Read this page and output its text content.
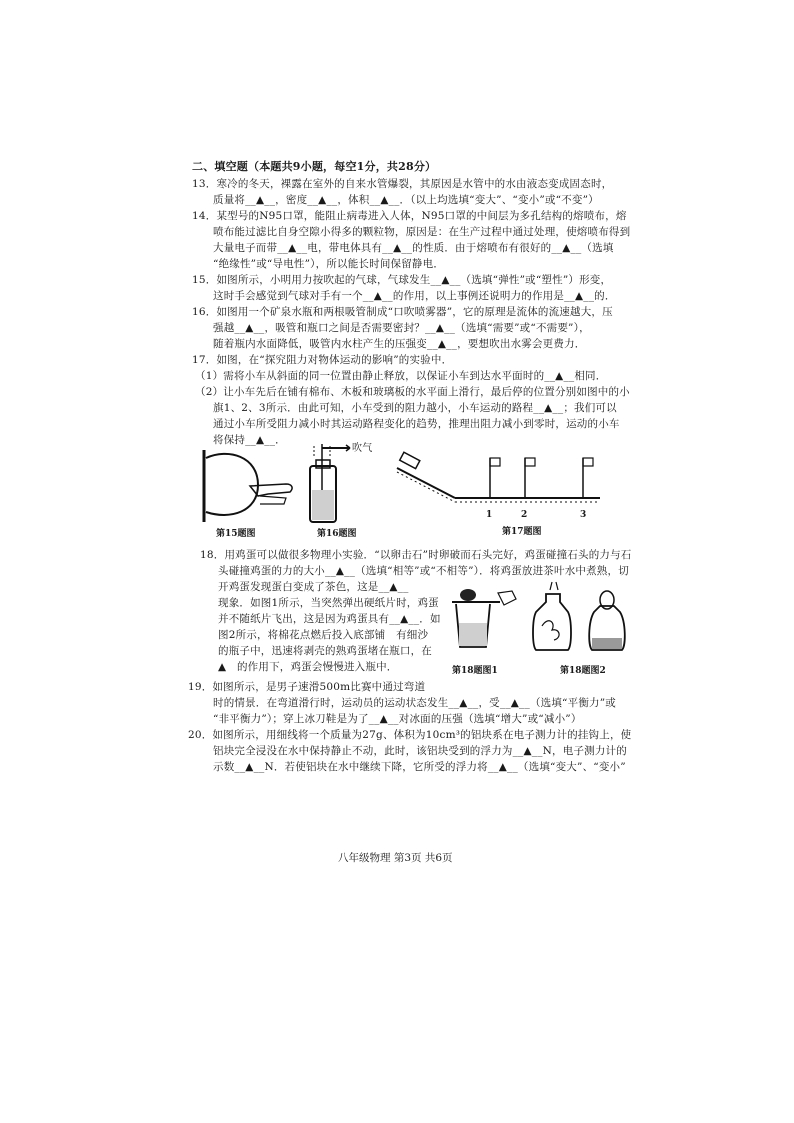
二、填空题（本题共9小题，每空1分，共28分）
13．寒冷的冬天，裸露在室外的自来水管爆裂，其原因是水管中的水由液态变成固态时，
质量将__▲__，密度__▲__，体积__▲__．（以上均选填“变大”、“变小”或“不变”）
14．某型号的N95口罩，能阻止病毒进入人体，N95口罩的中间层为多孔结构的熔喷布，熔
喷布能过滤比自身空隙小得多的颗粒物，原因是：在生产过程中通过处理，使熔喷布得到
大量电子而带__▲__电，带电体具有__▲__的性质．由于熔喷布有很好的__▲__（选填
“绝缘性”或“导电性”），所以能长时间保留静电．
15．如图所示，小明用力按吹起的气球，气球发生__▲__（选填“弹性”或“塑性”）形变，
这时手会感觉到气球对手有一个__▲__的作用，以上事例还说明力的作用是__▲__的．
16．如图用一个矿泉水瓶和两根吸管制成“口吹喷雾器”，它的原理是流体的流速越大，压
强越__▲__，吸管和瓶口之间是否需要密封？__▲__（选填“需要”或“不需要”），
随着瓶内水面降低，吸管内水柱产生的压强变__▲__，要想吹出水雾会更费力．
17．如图，在“探究阻力对物体运动的影响”的实验中．
（1）需将小车从斜面的同一位置由静止释放，以保证小车到达水平面时的__▲__相同．
（2）让小车先后在铺有棉布、木板和玻璃板的水平面上滑行，最后停的位置分别如图中的小
旗1、2、3所示．由此可知，小车受到的阻力越小，小车运动的路程__▲__；我们可以
通过小车所受阻力减小时其运动路程变化的趋势，推理出阻力减小到零时，运动的小车
将保持__▲__．
第15题图
吹气
第16题图
1	2	3
第17题图
18．用鸡蛋可以做很多物理小实验．“以卵击石”时卵破而石头完好，鸡蛋碰撞石头的力与石
头碰撞鸡蛋的力的大小__▲__（选填“相等”或“不相等”）．将鸡蛋放进茶叶水中煮熟，切
开鸡蛋发现蛋白变成了茶色，这是__▲__
现象．如图1所示，当突然弹出硬纸片时，鸡蛋
并不随纸片飞出，这是因为鸡蛋具有__▲__．如
图2所示，将棉花点燃后投入底部铺　有细沙
的瓶子中，迅速将剥壳的熟鸡蛋堵在瓶口，在
▲　的作用下，鸡蛋会慢慢进入瓶中．	第18题图1	第18题图2
19．如图所示，是男子速滑500m比赛中通过弯道
时的情景．在弯道滑行时，运动员的运动状态发生__▲__，受__▲__（选填“平衡力”或
“非平衡力”）；穿上冰刀鞋是为了__▲__对冰面的压强（选填“增大”或“减小”）
20．如图所示，用细线将一个质量为27g、体积为10cm³的铝块系在电子测力计的挂钩上，使
铝块完全浸没在水中保持静止不动，此时，该铝块受到的浮力为__▲__N，电子测力计的
示数__▲__N．若使铝块在水中继续下降，它所受的浮力将__▲__（选填“变大”、“变小”
八年级物理 第3页 共6页
